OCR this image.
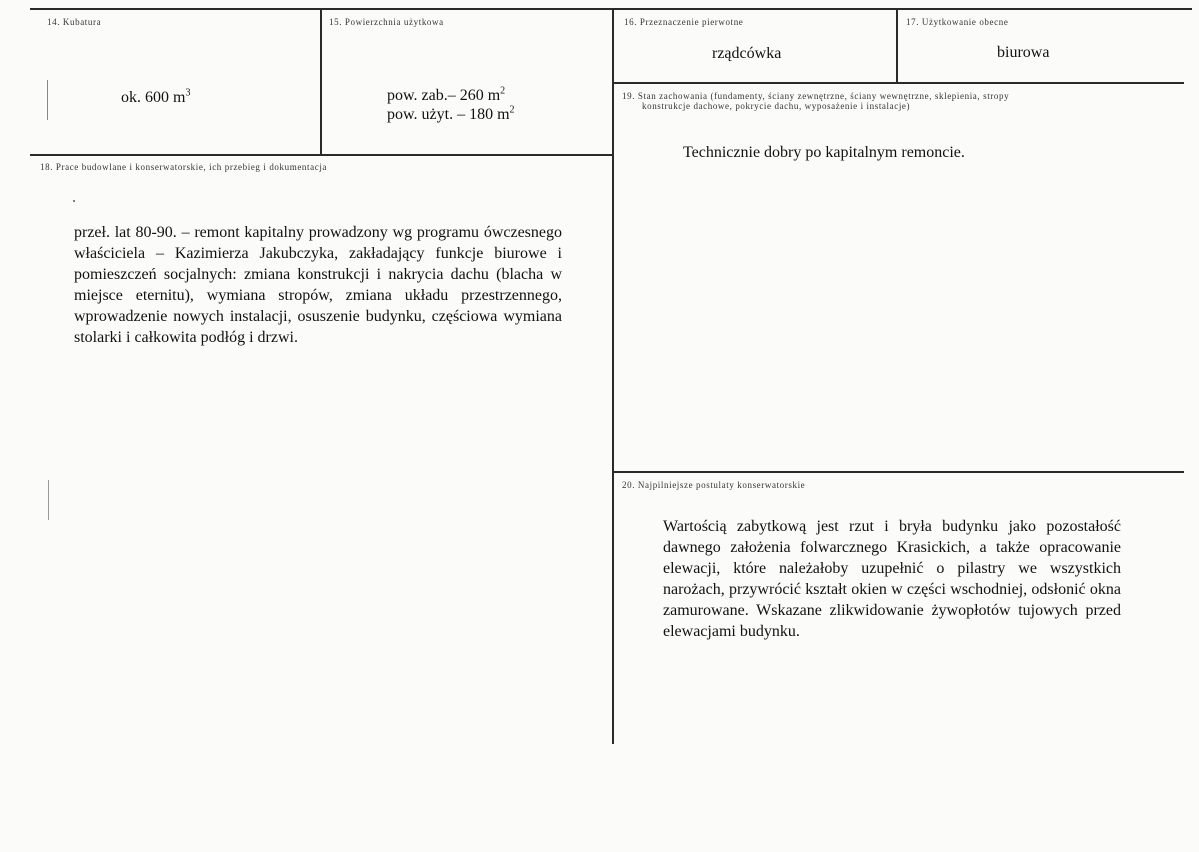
14. Kubatura
ok. 600 $m^3$
15. Powierzchnia użytkowa
pow. zab.– 260 $m^2$
pow. użyt. – 180 $m^2$
16. Przeznaczenie pierwotne
rządcówka
17. Użytkowanie obecne
biurowa
18. Prace budowlane i konserwatorskie, ich przebieg i dokumentacja
przeł. lat 80-90. – remont kapitalny prowadzony wg programu ówczesnego właściciela – Kazimierza Jakubczyka, zakładający funkcje biurowe i pomieszczeń socjalnych: zmiana konstrukcji i nakrycia dachu (blacha w miejsce eternitu), wymiana stropów, zmiana układu przestrzennego, wprowadzenie nowych instalacji, osuszenie budynku, częściowa wymiana stolarki i całkowita podłóg i drzwi.
19. Stan zachowania (fundamenty, ściany zewnętrzne, ściany wewnętrzne, sklepienia, stropy
konstrukcje dachowe, pokrycie dachu, wyposażenie i instalacje)
Technicznie dobry po kapitalnym remoncie.
20. Najpilniejsze postulaty konserwatorskie
Wartością zabytkową jest rzut i bryła budynku jako pozostałość dawnego założenia folwarcznego Krasickich, a także opracowanie elewacji, które należałoby uzupełnić o pilastry we wszystkich narożach, przywrócić kształt okien w części wschodniej, odsłonić okna zamurowane. Wskazane zlikwidowanie żywopłotów tujowych przed elewacjami budynku.
